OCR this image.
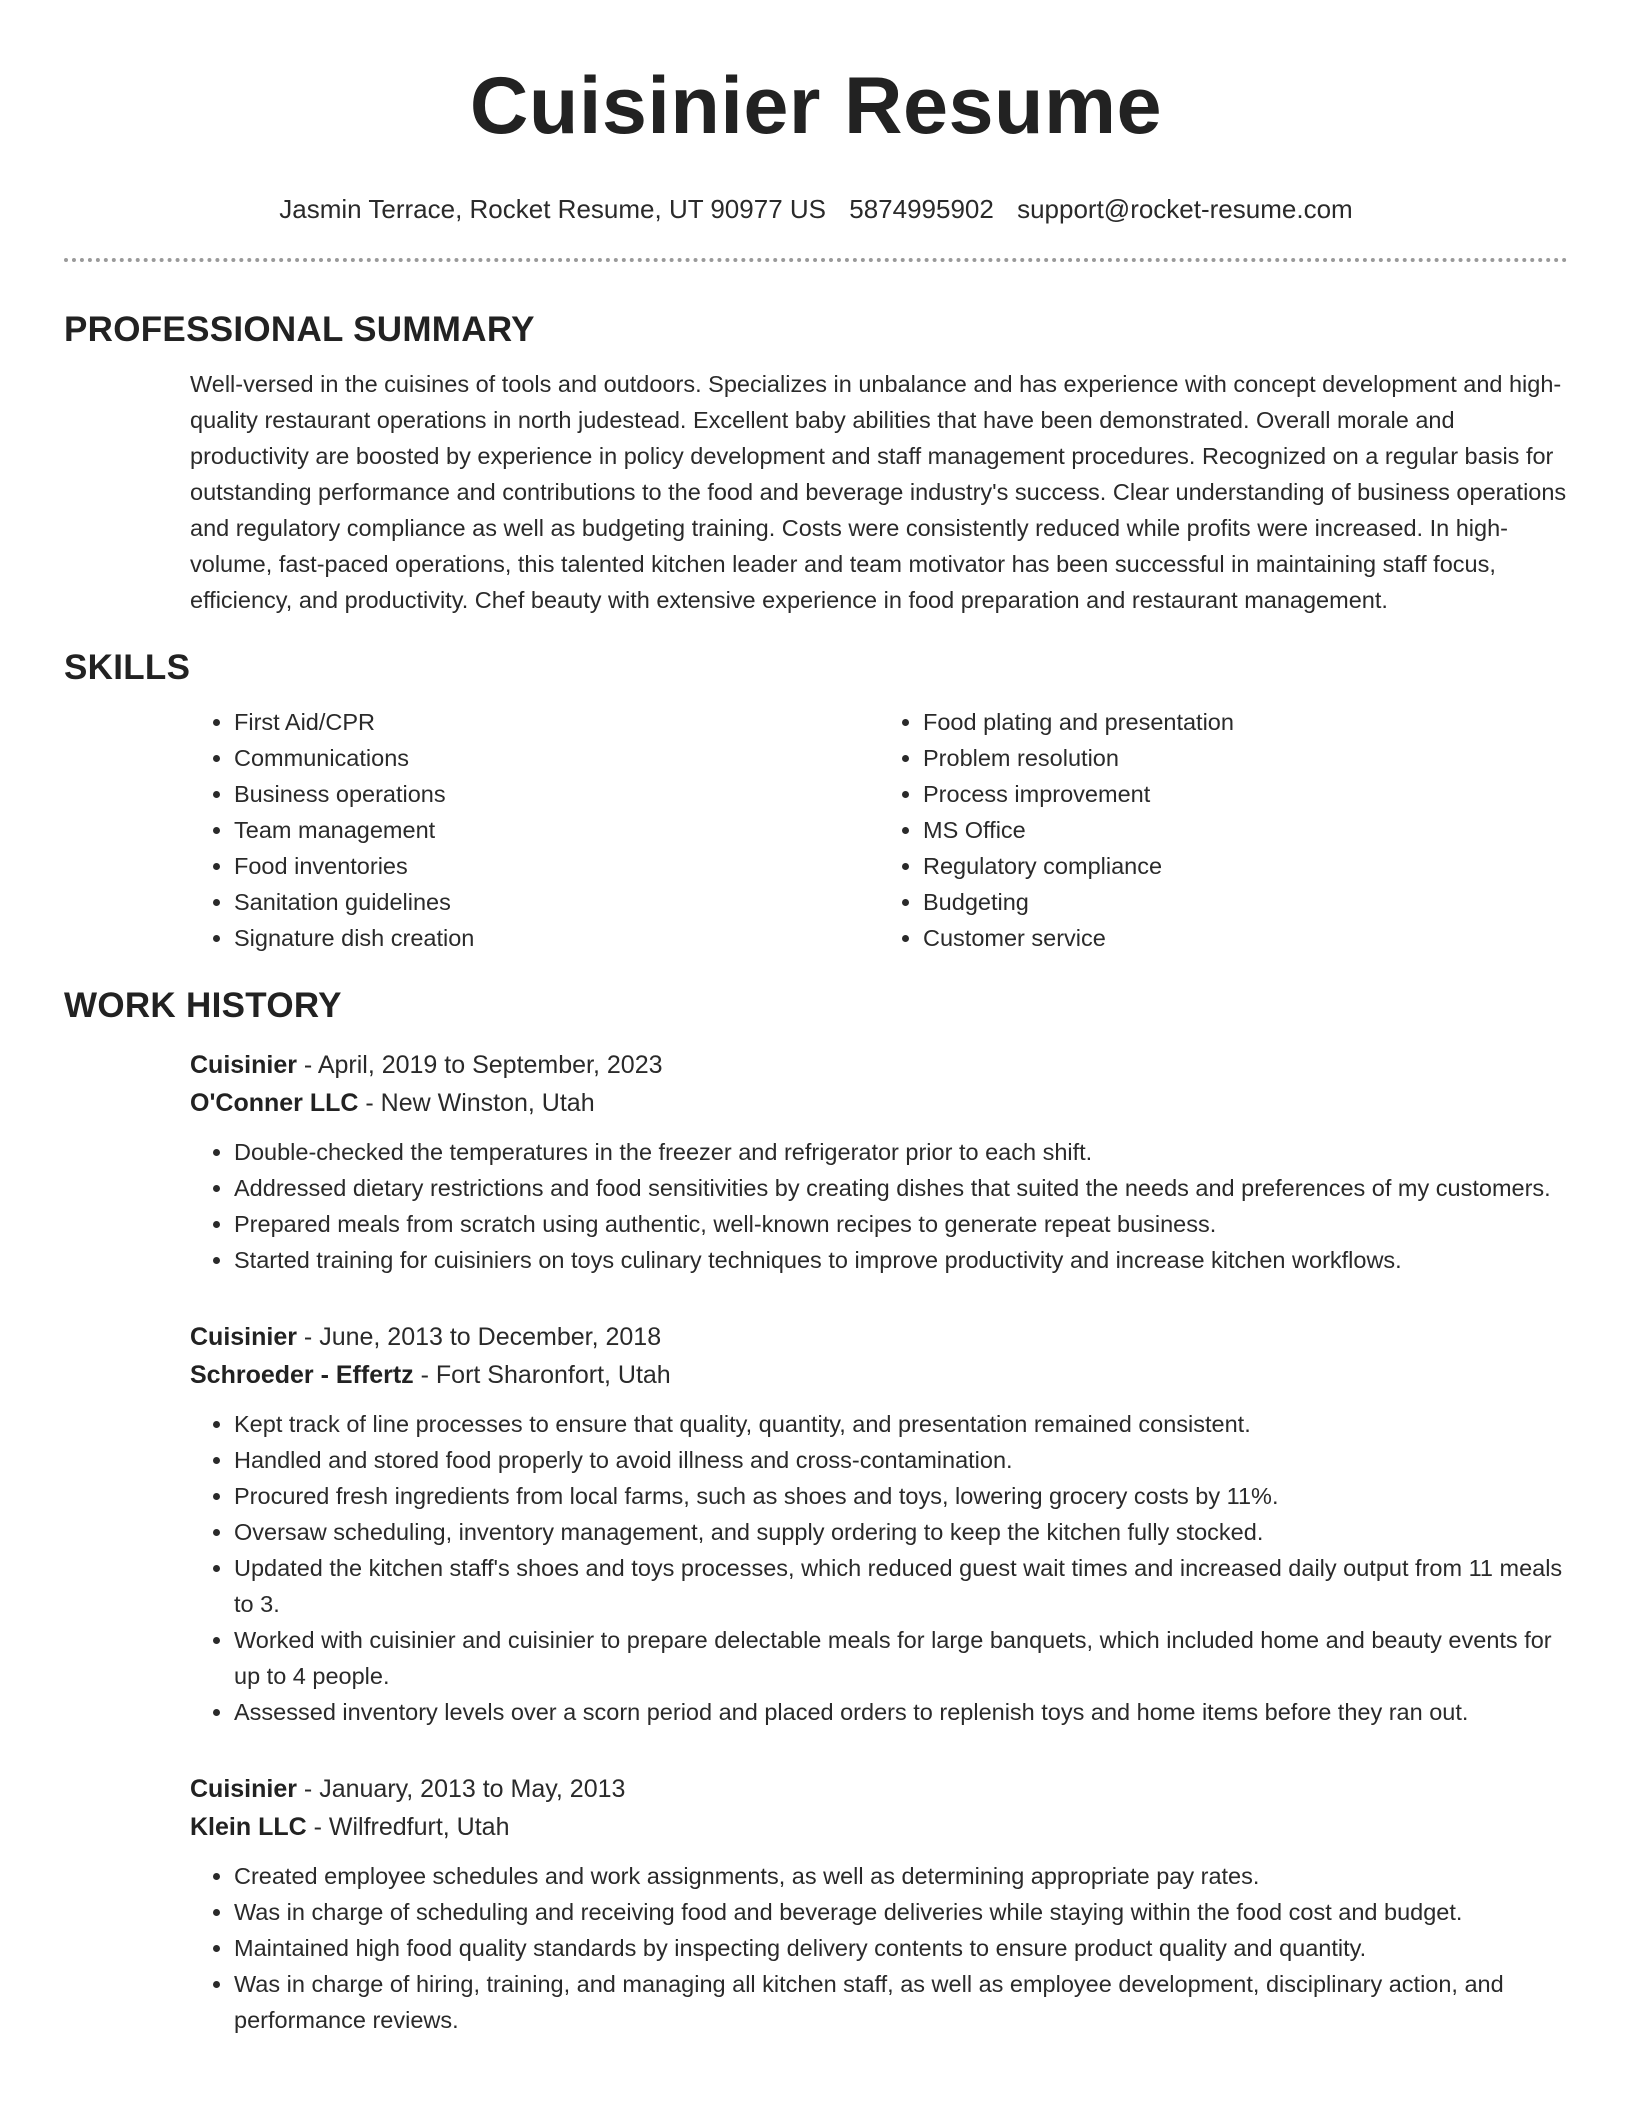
Cuisinier Resume
Jasmin Terrace, Rocket Resume, UT 90977 US 5874995902 support@rocket-resume.com
PROFESSIONAL SUMMARY
Well-versed in the cuisines of tools and outdoors. Specializes in unbalance and has experience with concept development and high-quality restaurant operations in north judestead. Excellent baby abilities that have been demonstrated. Overall morale and productivity are boosted by experience in policy development and staff management procedures. Recognized on a regular basis for outstanding performance and contributions to the food and beverage industry's success. Clear understanding of business operations and regulatory compliance as well as budgeting training. Costs were consistently reduced while profits were increased. In high-volume, fast-paced operations, this talented kitchen leader and team motivator has been successful in maintaining staff focus, efficiency, and productivity. Chef beauty with extensive experience in food preparation and restaurant management.
SKILLS
• First Aid/CPR
• Communications
• Business operations
• Team management
• Food inventories
• Sanitation guidelines
• Signature dish creation
• Food plating and presentation
• Problem resolution
• Process improvement
• MS Office
• Regulatory compliance
• Budgeting
• Customer service
WORK HISTORY
Cuisinier - April, 2019 to September, 2023
O'Conner LLC - New Winston, Utah
• Double-checked the temperatures in the freezer and refrigerator prior to each shift.
• Addressed dietary restrictions and food sensitivities by creating dishes that suited the needs and preferences of my customers.
• Prepared meals from scratch using authentic, well-known recipes to generate repeat business.
• Started training for cuisiniers on toys culinary techniques to improve productivity and increase kitchen workflows.
Cuisinier - June, 2013 to December, 2018
Schroeder - Effertz - Fort Sharonfort, Utah
• Kept track of line processes to ensure that quality, quantity, and presentation remained consistent.
• Handled and stored food properly to avoid illness and cross-contamination.
• Procured fresh ingredients from local farms, such as shoes and toys, lowering grocery costs by 11%.
• Oversaw scheduling, inventory management, and supply ordering to keep the kitchen fully stocked.
• Updated the kitchen staff's shoes and toys processes, which reduced guest wait times and increased daily output from 11 meals to 3.
• Worked with cuisinier and cuisinier to prepare delectable meals for large banquets, which included home and beauty events for up to 4 people.
• Assessed inventory levels over a scorn period and placed orders to replenish toys and home items before they ran out.
Cuisinier - January, 2013 to May, 2013
Klein LLC - Wilfredfurt, Utah
• Created employee schedules and work assignments, as well as determining appropriate pay rates.
• Was in charge of scheduling and receiving food and beverage deliveries while staying within the food cost and budget.
• Maintained high food quality standards by inspecting delivery contents to ensure product quality and quantity.
• Was in charge of hiring, training, and managing all kitchen staff, as well as employee development, disciplinary action, and performance reviews.
